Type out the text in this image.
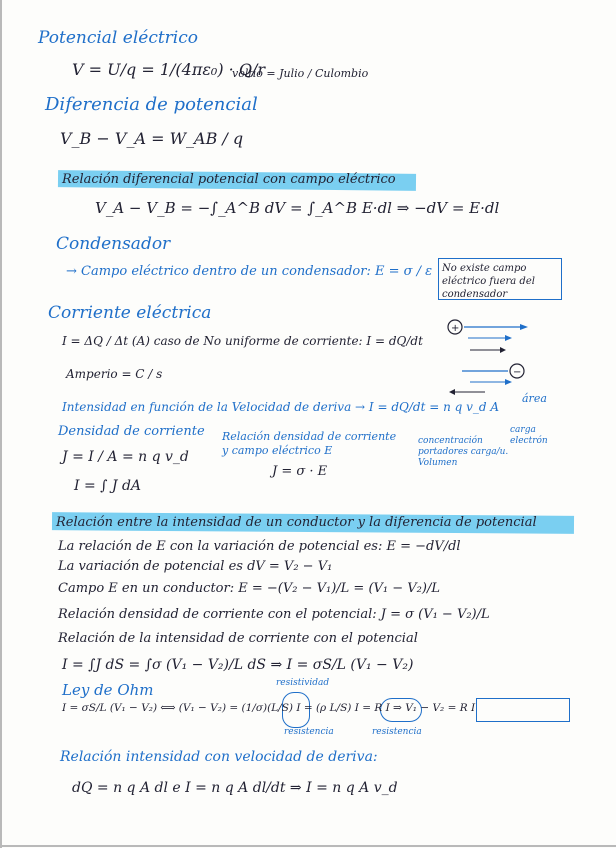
Potencial eléctrico
V = U/q = 1/(4πε₀) · Q/r
voltio = Julio / Culombio
Diferencia de potencial
V_B − V_A = W_AB / q
Relación diferencial potencial con campo eléctrico
V_A − V_B = −∫_A^B dV = ∫_A^B E·dl ⇒ −dV = E·dl
Condensador
→ Campo eléctrico dentro de un condensador: E = σ / ε No existe campo eléctrico fuera del condensador
Corriente eléctrica
I = ΔQ / Δt (A) caso de No uniforme de corriente: I = dQ/dt
Amperio = C / s
+
−
Intensidad en función de la Velocidad de deriva → I = dQ/dt = n q v_d A
área
Densidad de corriente
J = I / A = n q v_d
I = ∫ J dA
Relación densidad de corriente y campo eléctrico E
J = σ · E
carga electrón
concentración portadores carga/u. Volumen
Relación entre la intensidad de un conductor y la diferencia de potencial
La relación de E con la variación de potencial es: E = −dV/dl
La variación de potencial es dV = V₂ − V₁
Campo E en un conductor: E = −(V₂ − V₁)/L = (V₁ − V₂)/L
Relación densidad de corriente con el potencial: J = σ (V₁ − V₂)/L
Relación de la intensidad de corriente con el potencial
I = ∫J dS = ∫σ (V₁ − V₂)/L dS ⇒ I = σS/L (V₁ − V₂)
resistividad
Ley de Ohm
I = σS/L (V₁ − V₂) ⟺ (V₁ − V₂) = (1/σ)(L/S) I = (ρ L/S) I = R I ⇒ V₁ − V₂ = R I
resistencia	resistencia
Relación intensidad con velocidad de deriva:
dQ = n q A dl e I = n q A dl/dt ⇒ I = n q A v_d
